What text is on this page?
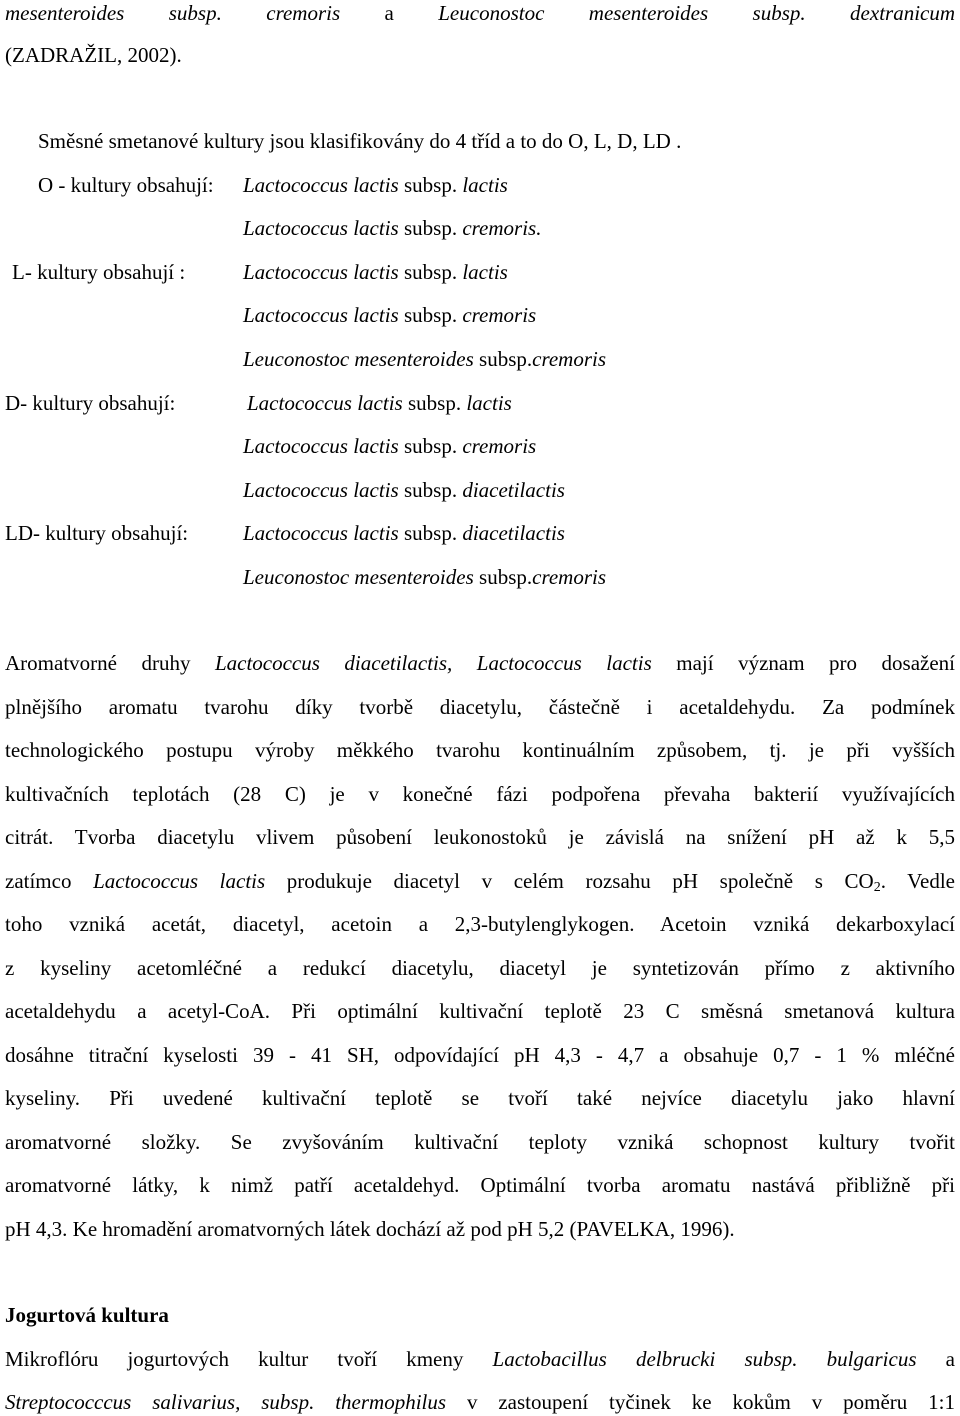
mesenteroides subsp. cremoris a Leuconostoc mesenteroides subsp. dextranicum
(ZADRAŽIL, 2002).
Směsné smetanové kultury jsou klasifikovány do 4 tříd a to do O, L, D, LD .
O - kultury obsahují: Lactococcus lactis subsp. lactis
Lactococcus lactis subsp. cremoris.
L- kultury obsahují :	Lactococcus lactis subsp. lactis
Lactococcus lactis subsp. cremoris
Leuconostoc mesenteroides subsp.cremoris
D- kultury obsahují:	Lactococcus lactis subsp. lactis
Lactococcus lactis subsp. cremoris
Lactococcus lactis subsp. diacetilactis
LD- kultury obsahují:	Lactococcus lactis subsp. diacetilactis
Leuconostoc mesenteroides subsp.cremoris
Aromatvorné druhy Lactococcus diacetilactis, Lactococcus lactis mají význam pro dosažení
plnějšího aromatu tvarohu díky tvorbě diacetylu, částečně i acetaldehydu. Za podmínek
technologického postupu výroby měkkého tvarohu kontinuálním způsobem, tj. je při vyšších
kultivačních teplotách (28 C) je v konečné fázi podpořena převaha bakterií využívajících
citrát. Tvorba diacetylu vlivem působení leukonostoků je závislá na snížení pH až k 5,5
zatímco Lactococcus lactis produkuje diacetyl v celém rozsahu pH společně s $CO_2$. Vedle
toho vzniká acetát, diacetyl, acetoin a 2,3-butylenglykogen. Acetoin vzniká dekarboxylací
z kyseliny acetomléčné a redukcí diacetylu, diacetyl je syntetizován přímo z aktivního
acetaldehydu a acetyl-CoA. Při optimální kultivační teplotě 23 C směsná smetanová kultura
dosáhne titrační kyselosti 39 - 41 SH, odpovídající pH 4,3 - 4,7 a obsahuje 0,7 - 1 % mléčné
kyseliny. Při uvedené kultivační teplotě se tvoří také nejvíce diacetylu jako hlavní
aromatvorné složky. Se zvyšováním kultivační teploty vzniká schopnost kultury tvořit
aromatvorné látky, k nimž patří acetaldehyd. Optimální tvorba aromatu nastává přibližně při
pH 4,3. Ke hromadění aromatvorných látek dochází až pod pH 5,2 (PAVELKA, 1996).
Jogurtová kultura
Mikroflóru jogurtových kultur tvoří kmeny Lactobacillus delbrucki subsp. bulgaricus a
Streptococccus salivarius, subsp. thermophilus v zastoupení tyčinek ke kokům v poměru 1:1
